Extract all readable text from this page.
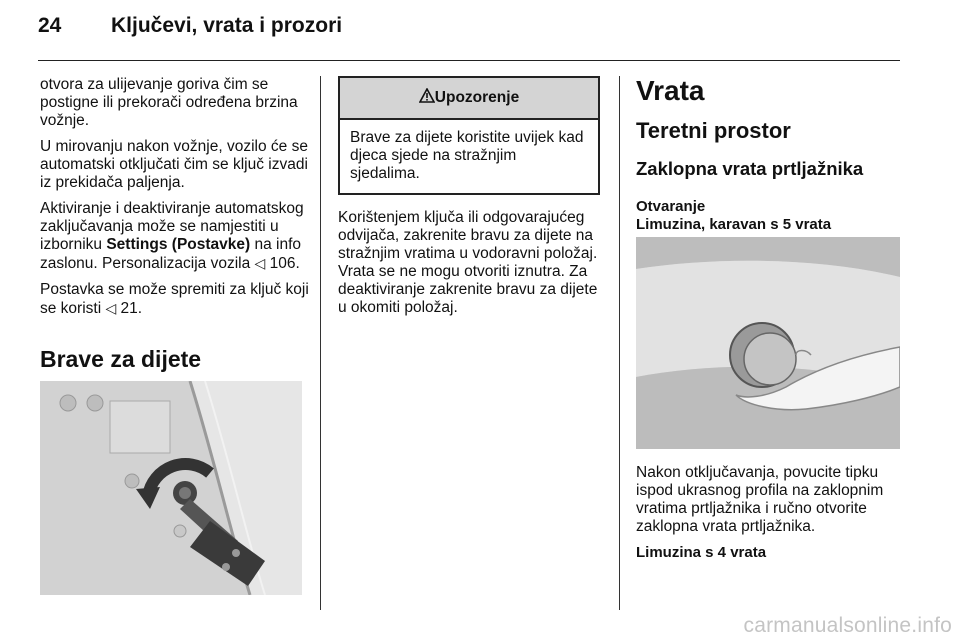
24 Ključevi, vrata i prozori

otvora za ulijevanje goriva čim se postigne ili prekorači određena brzina vožnje.

U mirovanju nakon vožnje, vozilo će se automatski otključati čim se ključ izvadi iz prekidača paljenja.

Aktiviranje i deaktiviranje automatskog zaključavanja može se namjestiti u izborniku Settings (Postavke) na info zaslonu. Personalizacija vozila ◁ 106.

Postavka se može spremiti za ključ koji se koristi ◁ 21.

Brave za dijete
Upozorenje
Brave za dijete koristite uvijek kad djeca sjede na stražnjim sjedalima.

Korištenjem ključa ili odgovarajućeg odvijača, zakrenite bravu za dijete na stražnjim vratima u vodoravni položaj. Vrata se ne mogu otvoriti iznutra. Za deaktiviranje zakrenite bravu za dijete u okomiti položaj.

Vrata
Teretni prostor
Zaklopna vrata prtljažnika
Otvaranje
Limuzina, karavan s 5 vrata

Nakon otključavanja, povucite tipku ispod ukrasnog profila na zaklopnim vratima prtljažnika i ručno otvorite zaklopna vrata prtljažnika.

Limuzina s 4 vrata
carmanualsonline.info
